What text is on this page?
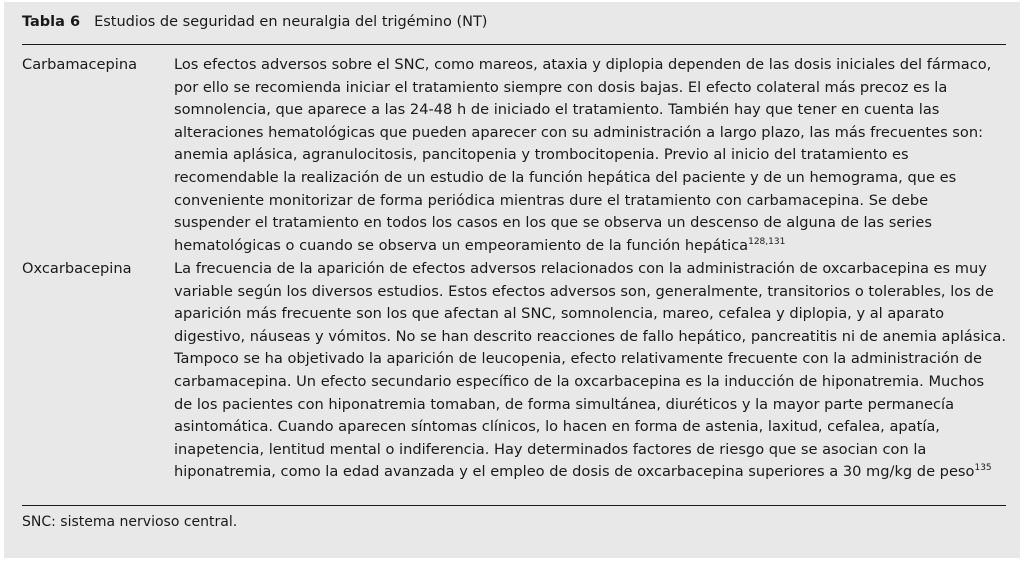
Tabla 6 Estudios de seguridad en neuralgia del trigémino (NT)
Carbamacepina	Los efectos adversos sobre el SNC, como mareos, ataxia y diplopia dependen de las dosis iniciales del fármaco, por ello se recomienda iniciar el tratamiento siempre con dosis bajas. El efecto colateral más precoz es la somnolencia, que aparece a las 24-48 h de iniciado el tratamiento. También hay que tener en cuenta las alteraciones hematológicas que pueden aparecer con su administración a largo plazo, las más frecuentes son: anemia aplásica, agranulocitosis, pancitopenia y trombocitopenia. Previo al inicio del tratamiento es recomendable la realización de un estudio de la función hepática del paciente y de un hemograma, que es conveniente monitorizar de forma periódica mientras dure el tratamiento con carbamacepina. Se debe suspender el tratamiento en todos los casos en los que se observa un descenso de alguna de las series hematológicas o cuando se observa un empeoramiento de la función hepática$^{128,131}$
Oxcarbacepina	La frecuencia de la aparición de efectos adversos relacionados con la administración de oxcarbacepina es muy variable según los diversos estudios. Estos efectos adversos son, generalmente, transitorios o tolerables, los de aparición más frecuente son los que afectan al SNC, somnolencia, mareo, cefalea y diplopia, y al aparato digestivo, náuseas y vómitos. No se han descrito reacciones de fallo hepático, pancreatitis ni de anemia aplásica. Tampoco se ha objetivado la aparición de leucopenia, efecto relativamente frecuente con la administración de carbamacepina. Un efecto secundario específico de la oxcarbacepina es la inducción de hiponatremia. Muchos de los pacientes con hiponatremia tomaban, de forma simultánea, diuréticos y la mayor parte permanecía asintomática. Cuando aparecen síntomas clínicos, lo hacen en forma de astenia, laxitud, cefalea, apatía, inapetencia, lentitud mental o indiferencia. Hay determinados factores de riesgo que se asocian con la hiponatremia, como la edad avanzada y el empleo de dosis de oxcarbacepina superiores a 30 mg/kg de peso$^{135}$
SNC: sistema nervioso central.
